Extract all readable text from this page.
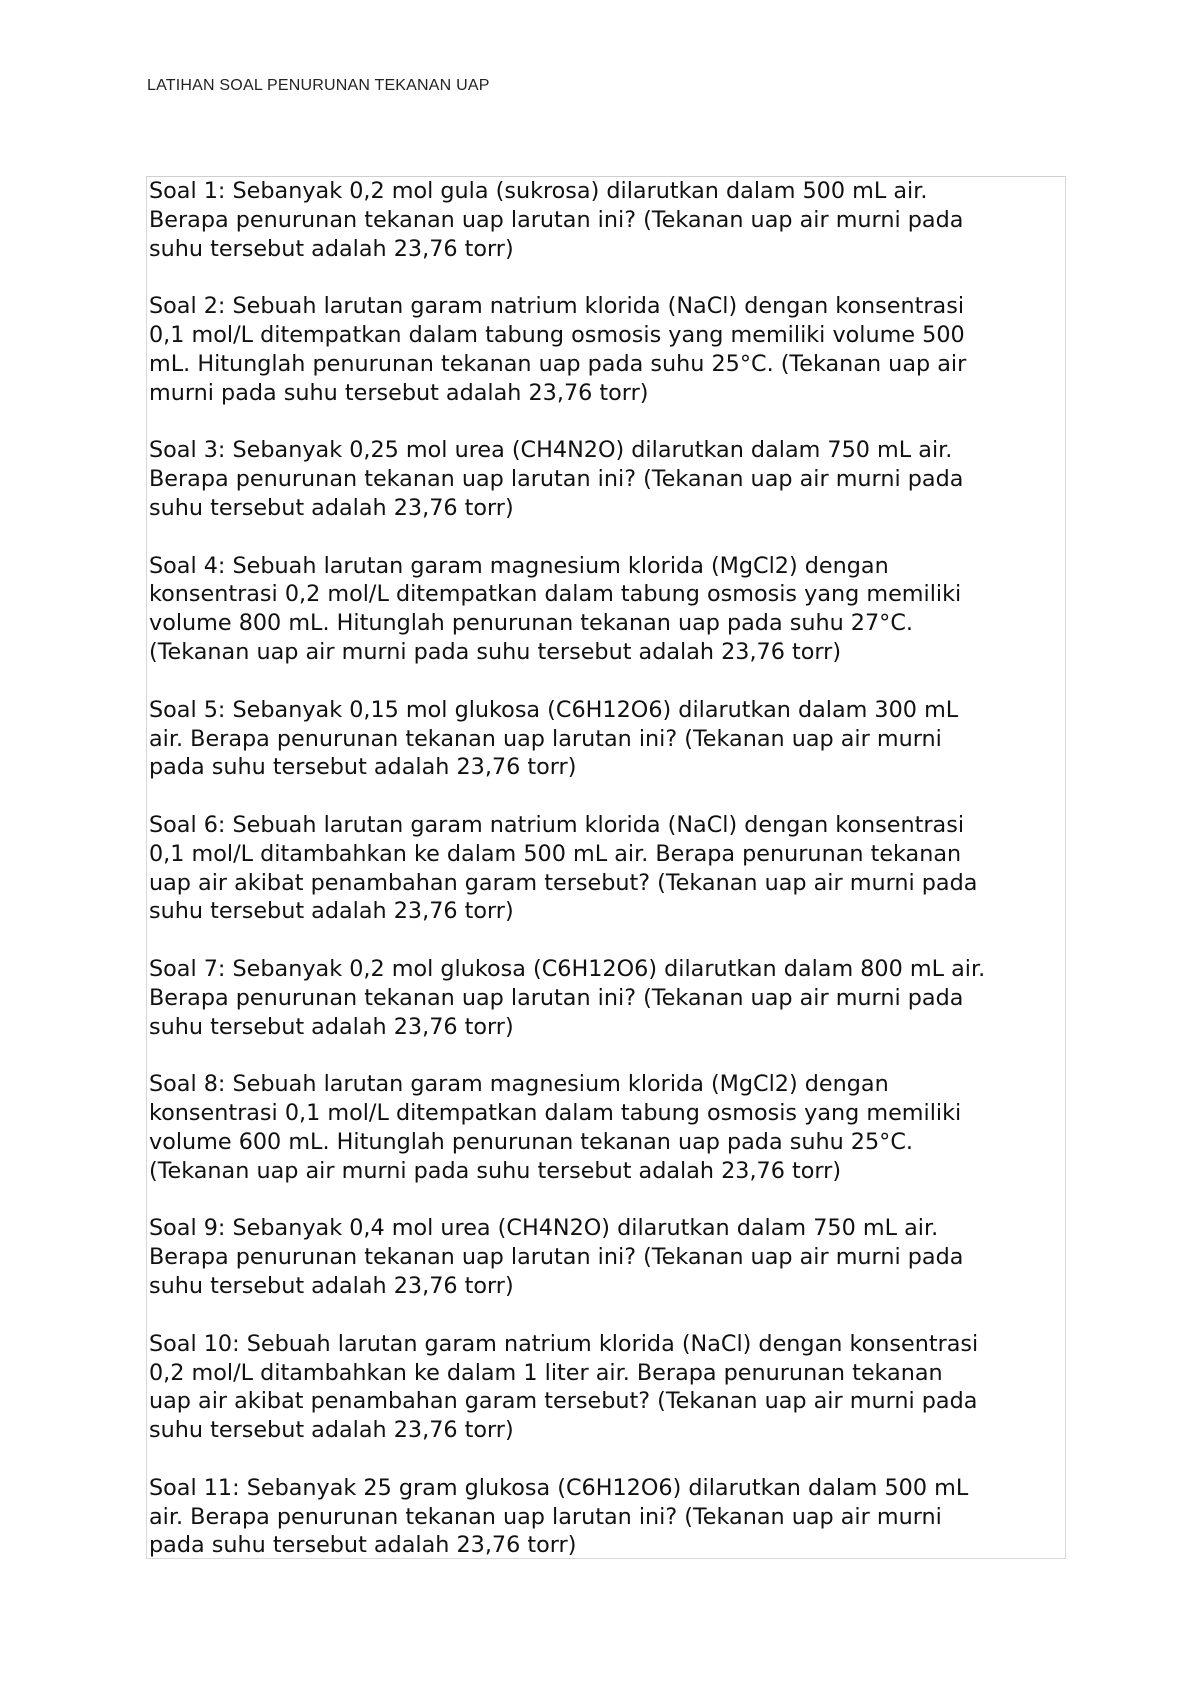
LATIHAN SOAL PENURUNAN TEKANAN UAP

Soal 1: Sebanyak 0,2 mol gula (sukrosa) dilarutkan dalam 500 mL air.
Berapa penurunan tekanan uap larutan ini? (Tekanan uap air murni pada
suhu tersebut adalah 23,76 torr)

Soal 2: Sebuah larutan garam natrium klorida (NaCl) dengan konsentrasi
0,1 mol/L ditempatkan dalam tabung osmosis yang memiliki volume 500
mL. Hitunglah penurunan tekanan uap pada suhu 25°C. (Tekanan uap air
murni pada suhu tersebut adalah 23,76 torr)

Soal 3: Sebanyak 0,25 mol urea (CH4N2O) dilarutkan dalam 750 mL air.
Berapa penurunan tekanan uap larutan ini? (Tekanan uap air murni pada
suhu tersebut adalah 23,76 torr)

Soal 4: Sebuah larutan garam magnesium klorida (MgCl2) dengan
konsentrasi 0,2 mol/L ditempatkan dalam tabung osmosis yang memiliki
volume 800 mL. Hitunglah penurunan tekanan uap pada suhu 27°C.
(Tekanan uap air murni pada suhu tersebut adalah 23,76 torr)

Soal 5: Sebanyak 0,15 mol glukosa (C6H12O6) dilarutkan dalam 300 mL
air. Berapa penurunan tekanan uap larutan ini? (Tekanan uap air murni
pada suhu tersebut adalah 23,76 torr)

Soal 6: Sebuah larutan garam natrium klorida (NaCl) dengan konsentrasi
0,1 mol/L ditambahkan ke dalam 500 mL air. Berapa penurunan tekanan
uap air akibat penambahan garam tersebut? (Tekanan uap air murni pada
suhu tersebut adalah 23,76 torr)

Soal 7: Sebanyak 0,2 mol glukosa (C6H12O6) dilarutkan dalam 800 mL air.
Berapa penurunan tekanan uap larutan ini? (Tekanan uap air murni pada
suhu tersebut adalah 23,76 torr)

Soal 8: Sebuah larutan garam magnesium klorida (MgCl2) dengan
konsentrasi 0,1 mol/L ditempatkan dalam tabung osmosis yang memiliki
volume 600 mL. Hitunglah penurunan tekanan uap pada suhu 25°C.
(Tekanan uap air murni pada suhu tersebut adalah 23,76 torr)

Soal 9: Sebanyak 0,4 mol urea (CH4N2O) dilarutkan dalam 750 mL air.
Berapa penurunan tekanan uap larutan ini? (Tekanan uap air murni pada
suhu tersebut adalah 23,76 torr)

Soal 10: Sebuah larutan garam natrium klorida (NaCl) dengan konsentrasi
0,2 mol/L ditambahkan ke dalam 1 liter air. Berapa penurunan tekanan
uap air akibat penambahan garam tersebut? (Tekanan uap air murni pada
suhu tersebut adalah 23,76 torr)

Soal 11: Sebanyak 25 gram glukosa (C6H12O6) dilarutkan dalam 500 mL
air. Berapa penurunan tekanan uap larutan ini? (Tekanan uap air murni
pada suhu tersebut adalah 23,76 torr)
